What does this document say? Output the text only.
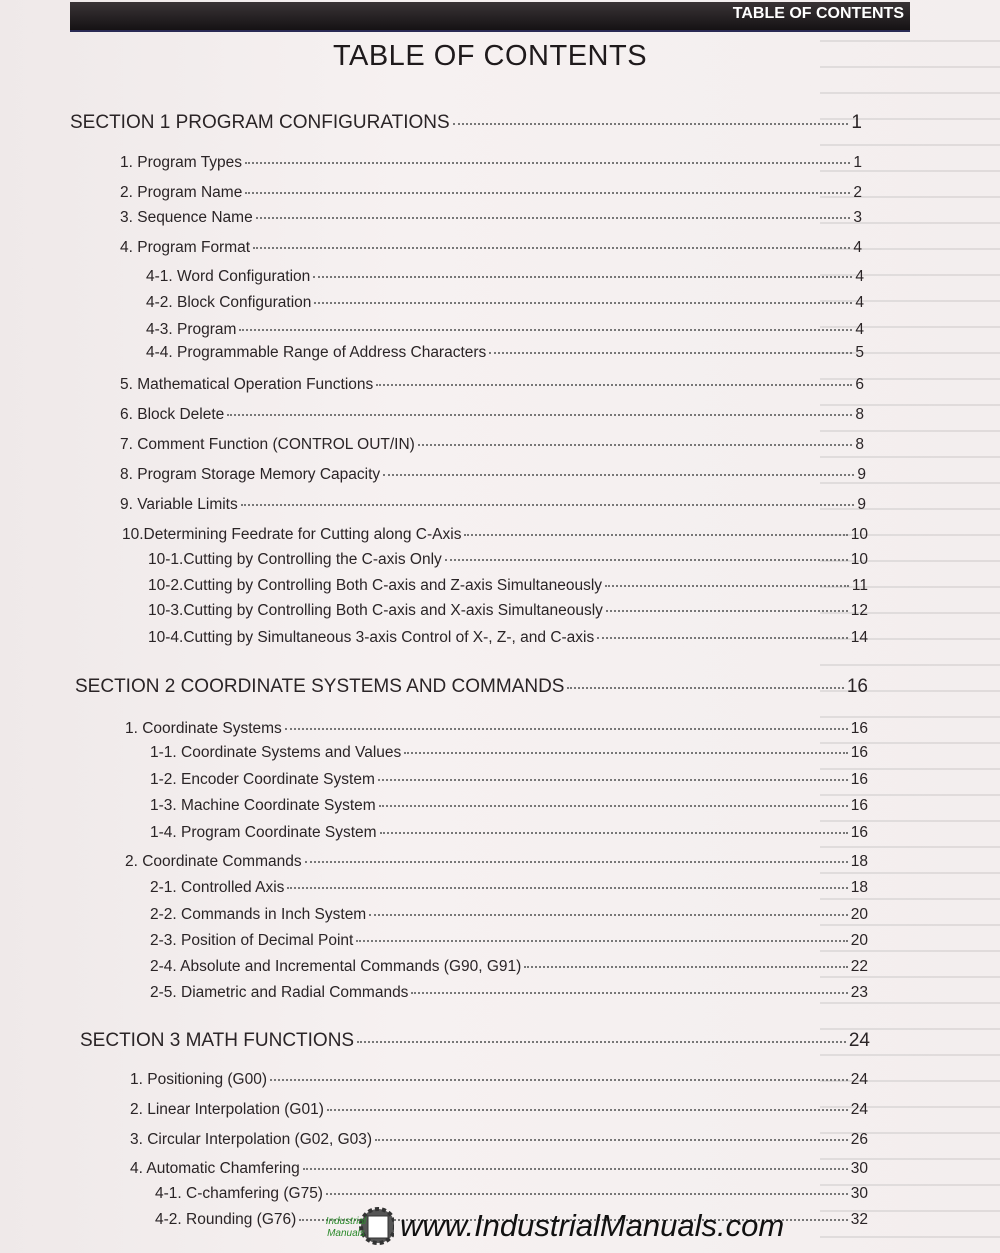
TABLE OF CONTENTS
TABLE OF CONTENTS
SECTION 1 PROGRAM CONFIGURATIONS	1
1. Program Types	1
2. Program Name	2
3. Sequence Name	3
4. Program Format	4
4-1. Word Configuration	4
4-2. Block Configuration	4
4-3. Program	4
4-4. Programmable Range of Address Characters	5
5. Mathematical Operation Functions	6
6. Block Delete	8
7. Comment Function (CONTROL OUT/IN)	8
8. Program Storage Memory Capacity	9
9. Variable Limits	9
10.Determining Feedrate for Cutting along C-Axis	10
10-1.Cutting by Controlling the C-axis Only	10
10-2.Cutting by Controlling Both C-axis and Z-axis Simultaneously	11
10-3.Cutting by Controlling Both C-axis and X-axis Simultaneously	12
10-4.Cutting by Simultaneous 3-axis Control of X-, Z-, and C-axis	14
SECTION 2 COORDINATE SYSTEMS AND COMMANDS	16
1. Coordinate Systems	16
1-1. Coordinate Systems and Values	16
1-2. Encoder Coordinate System	16
1-3. Machine Coordinate System	16
1-4. Program Coordinate System	16
2. Coordinate Commands	18
2-1. Controlled Axis	18
2-2. Commands in Inch System	20
2-3. Position of Decimal Point	20
2-4. Absolute and Incremental Commands (G90, G91)	22
2-5. Diametric and Radial Commands	23
SECTION 3 MATH FUNCTIONS	24
1. Positioning (G00)	24
2. Linear Interpolation (G01)	24
3. Circular Interpolation (G02, G03)	26
4. Automatic Chamfering	30
4-1. C-chamfering (G75)	30
4-2. Rounding (G76)	32
Industrial
Manuals www.IndustrialManuals.com
